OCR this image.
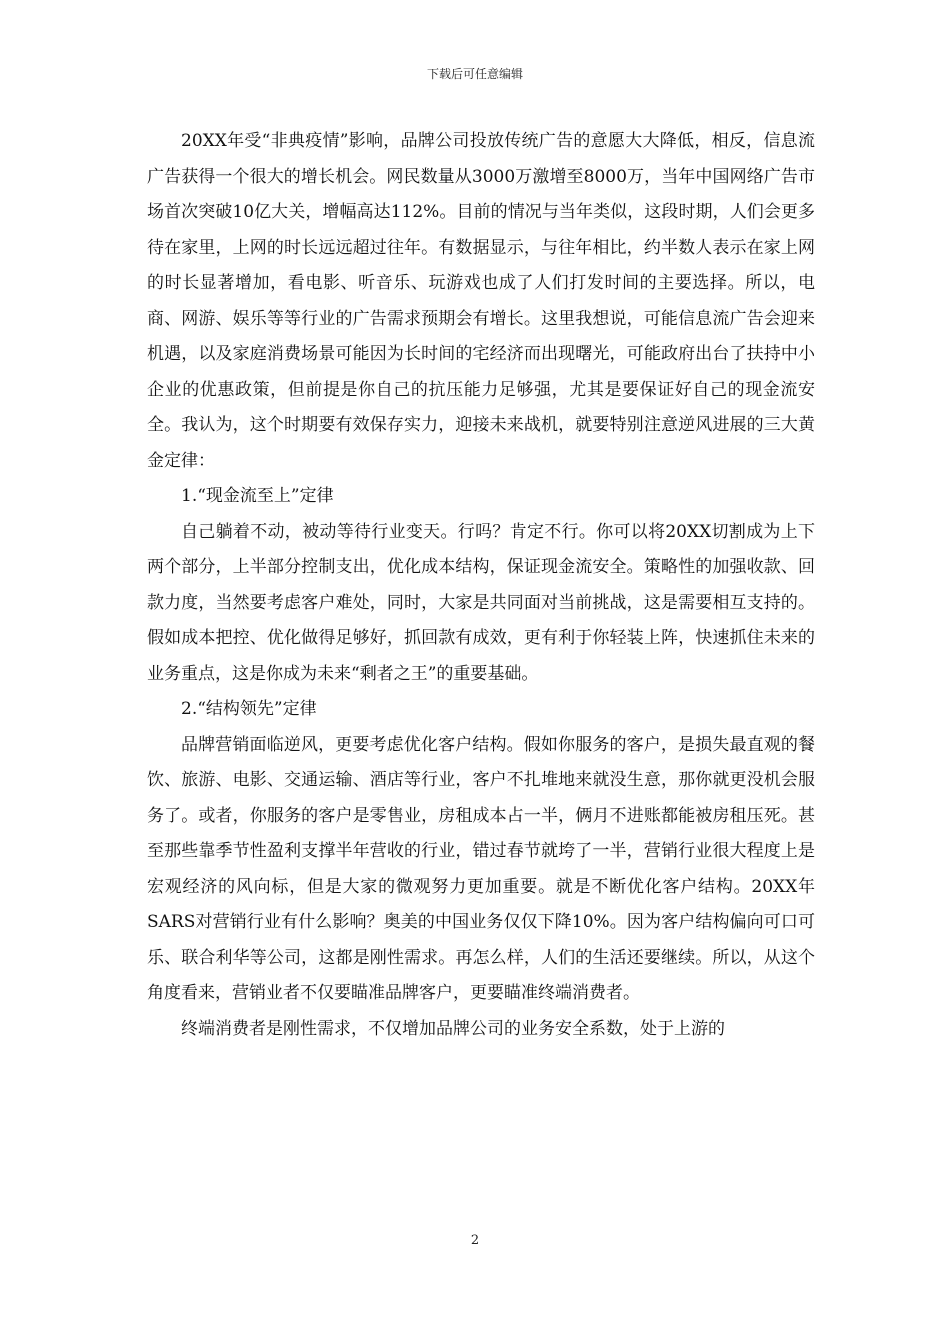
下载后可任意编辑

20XX年受“非典疫情”影响，品牌公司投放传统广告的意愿大大降低，相反，信息流广告获得一个很大的增长机会。网民数量从3000万激增至8000万，当年中国网络广告市场首次突破10亿大关，增幅高达112%。目前的情况与当年类似，这段时期，人们会更多待在家里，上网的时长远远超过往年。有数据显示，与往年相比，约半数人表示在家上网的时长显著增加，看电影、听音乐、玩游戏也成了人们打发时间的主要选择。所以，电商、网游、娱乐等等行业的广告需求预期会有增长。这里我想说，可能信息流广告会迎来机遇，以及家庭消费场景可能因为长时间的宅经济而出现曙光，可能政府出台了扶持中小企业的优惠政策，但前提是你自己的抗压能力足够强，尤其是要保证好自己的现金流安全。我认为，这个时期要有效保存实力，迎接未来战机，就要特别注意逆风进展的三大黄金定律：

1.“现金流至上”定律

自己躺着不动，被动等待行业变天。行吗？肯定不行。你可以将20XX切割成为上下两个部分，上半部分控制支出，优化成本结构，保证现金流安全。策略性的加强收款、回款力度，当然要考虑客户难处，同时，大家是共同面对当前挑战，这是需要相互支持的。假如成本把控、优化做得足够好，抓回款有成效，更有利于你轻装上阵，快速抓住未来的业务重点，这是你成为未来“剩者之王”的重要基础。

2.“结构领先”定律

品牌营销面临逆风，更要考虑优化客户结构。假如你服务的客户，是损失最直观的餐饮、旅游、电影、交通运输、酒店等行业，客户不扎堆地来就没生意，那你就更没机会服务了。或者，你服务的客户是零售业，房租成本占一半，俩月不进账都能被房租压死。甚至那些靠季节性盈利支撑半年营收的行业，错过春节就垮了一半，营销行业很大程度上是宏观经济的风向标，但是大家的微观努力更加重要。就是不断优化客户结构。20XX年SARS对营销行业有什么影响？奥美的中国业务仅仅下降10%。因为客户结构偏向可口可乐、联合利华等公司，这都是刚性需求。再怎么样，人们的生活还要继续。所以，从这个角度看来，营销业者不仅要瞄准品牌客户，更要瞄准终端消费者。

终端消费者是刚性需求，不仅增加品牌公司的业务安全系数，处于上游的

2
